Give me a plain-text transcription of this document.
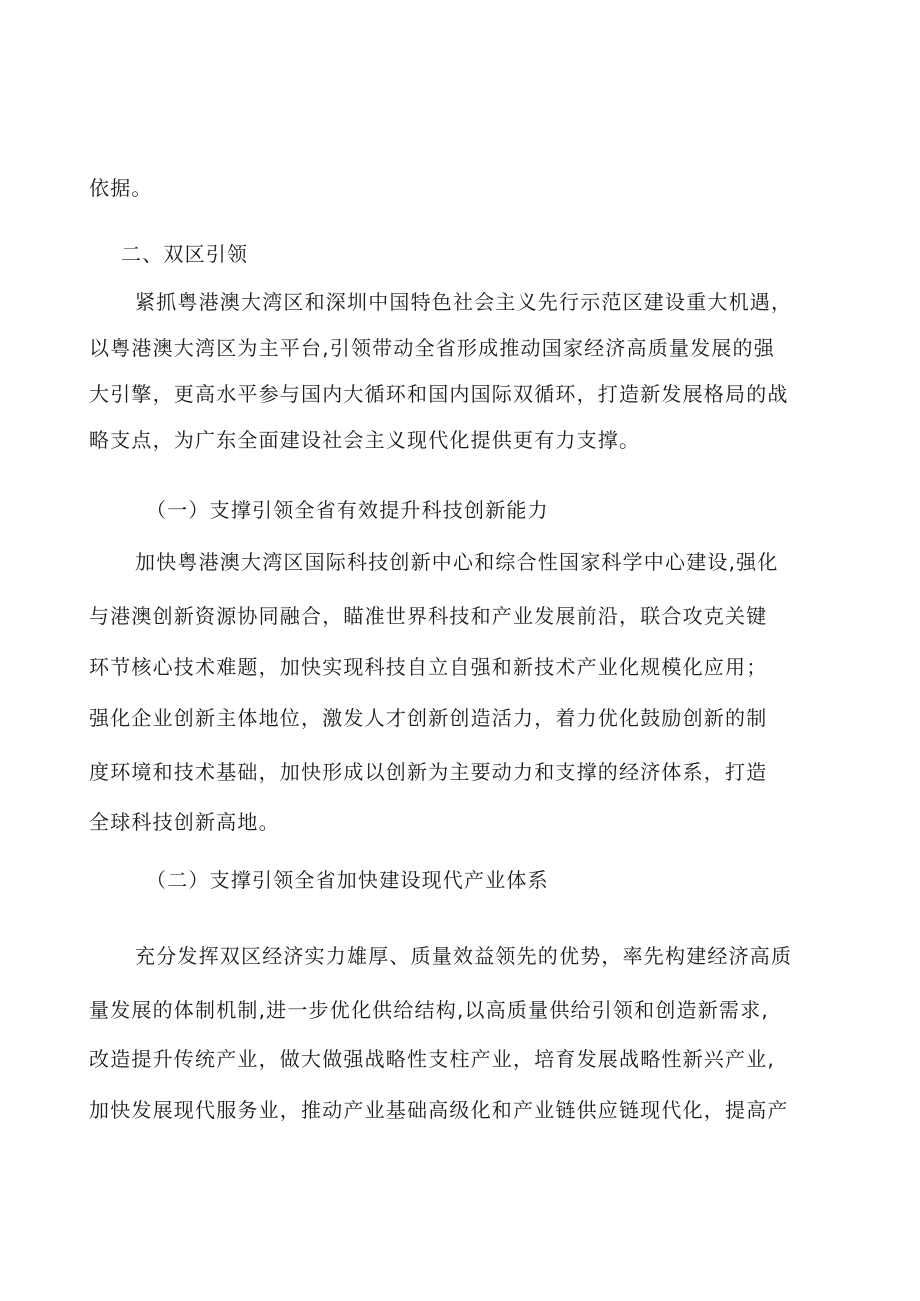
依据。
二、双区引领
紧抓粤港澳大湾区和深圳中国特色社会主义先行示范区建设重大机遇，
以粤港澳大湾区为主平台,引领带动全省形成推动国家经济高质量发展的强
大引擎，更高水平参与国内大循环和国内国际双循环，打造新发展格局的战
略支点，为广东全面建设社会主义现代化提供更有力支撑。
（一）支撑引领全省有效提升科技创新能力
加快粤港澳大湾区国际科技创新中心和综合性国家科学中心建设,强化
与港澳创新资源协同融合，瞄准世界科技和产业发展前沿，联合攻克关键
环节核心技术难题，加快实现科技自立自强和新技术产业化规模化应用；
强化企业创新主体地位，激发人才创新创造活力，着力优化鼓励创新的制
度环境和技术基础，加快形成以创新为主要动力和支撑的经济体系，打造
全球科技创新高地。
（二）支撑引领全省加快建设现代产业体系
充分发挥双区经济实力雄厚、质量效益领先的优势，率先构建经济高质
量发展的体制机制,进一步优化供给结构,以高质量供给引领和创造新需求,
改造提升传统产业，做大做强战略性支柱产业，培育发展战略性新兴产业,
加快发展现代服务业，推动产业基础高级化和产业链供应链现代化，提高产
